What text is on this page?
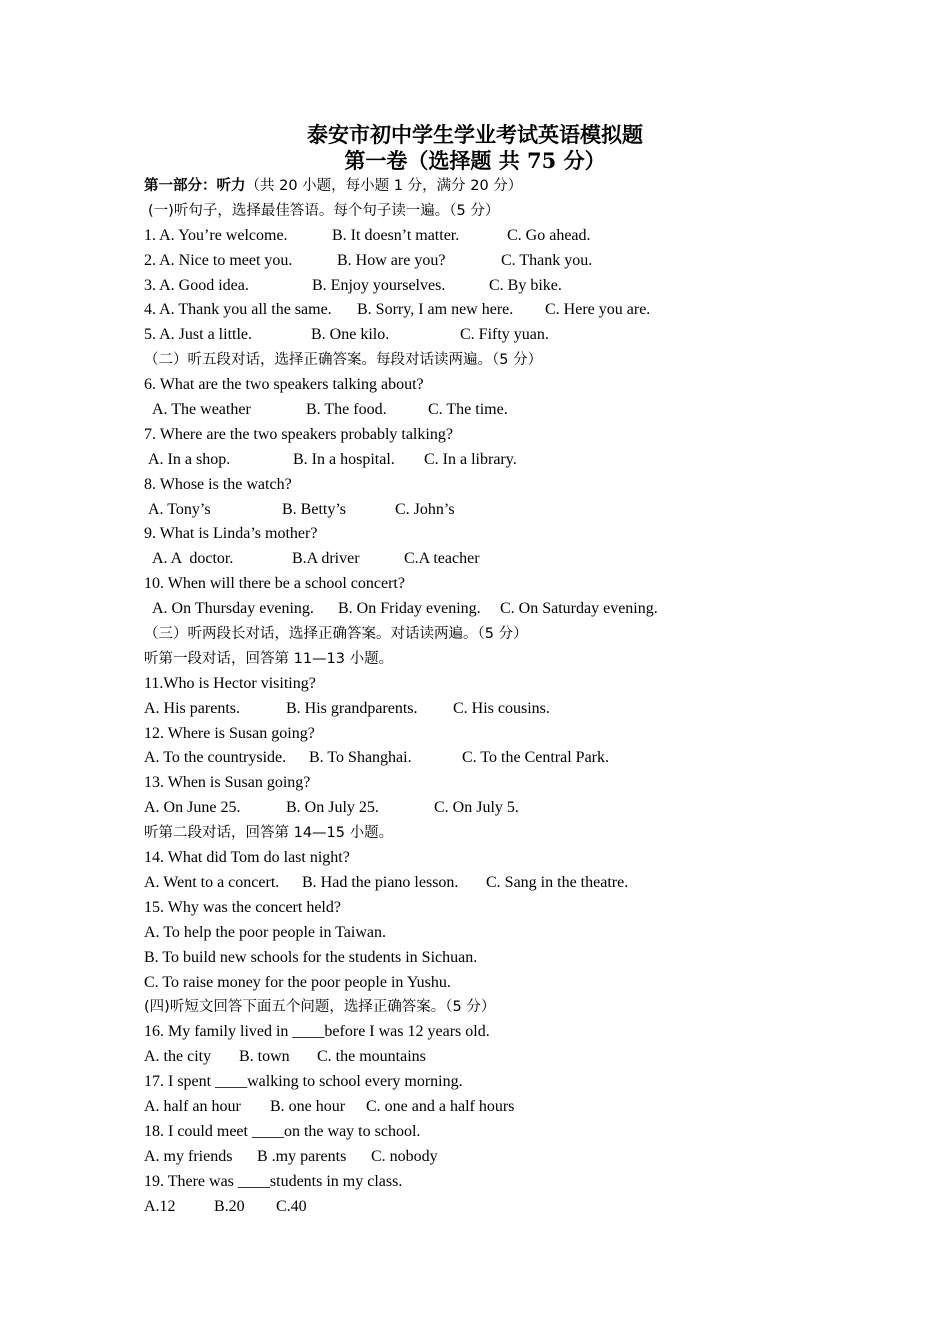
泰安市初中学生学业考试英语模拟题
第一卷（选择题 共 75 分）
第一部分：听力（共 20 小题，每小题 1 分，满分 20 分）
(一)听句子，选择最佳答语。每个句子读一遍。（5 分）
1. A. You’re welcome.	B. It doesn’t matter.	C. Go ahead.
2. A. Nice to meet you.	B. How are you?	C. Thank you.
3. A. Good idea.	B. Enjoy yourselves.	C. By bike.
4. A. Thank you all the same. B. Sorry, I am new here. C. Here you are.
5. A. Just a little.	B. One kilo.	C. Fifty yuan.
（二）听五段对话，选择正确答案。每段对话读两遍。（5 分）
6. What are the two speakers talking about?
A. The weather	B. The food.	C. The time.
7. Where are the two speakers probably talking?
A. In a shop.	B. In a hospital. C. In a library.
8. Whose is the watch?
A. Tony’s	B. Betty’s	C. John’s
9. What is Linda’s mother?
A. A  doctor.	B.A driver	C.A teacher
10. When will there be a school concert?
A. On Thursday evening. B. On Friday evening. C. On Saturday evening.
（三）听两段长对话，选择正确答案。对话读两遍。（5 分）
听第一段对话，回答第 11—13 小题。
11.Who is Hector visiting?
A. His parents.	B. His grandparents. C. His cousins.
12. Where is Susan going?
A. To the countryside. B. To Shanghai.	C. To the Central Park.
13. When is Susan going?
A. On June 25.	B. On July 25.	C. On July 5.
听第二段对话，回答第 14—15 小题。
14. What did Tom do last night?
A. Went to a concert. B. Had the piano lesson. C. Sang in the theatre.
15. Why was the concert held?
A. To help the poor people in Taiwan.
B. To build new schools for the students in Sichuan.
C. To raise money for the poor people in Yushu.
(四)听短文回答下面五个问题，选择正确答案。（5 分）
16. My family lived in ____before I was 12 years old.
A. the city B. town C. the mountains
17. I spent ____walking to school every morning.
A. half an hour B. one hour C. one and a half hours
18. I could meet ____on the way to school.
A. my friends B .my parents C. nobody
19. There was ____students in my class.
A.12 B.20 C.40
